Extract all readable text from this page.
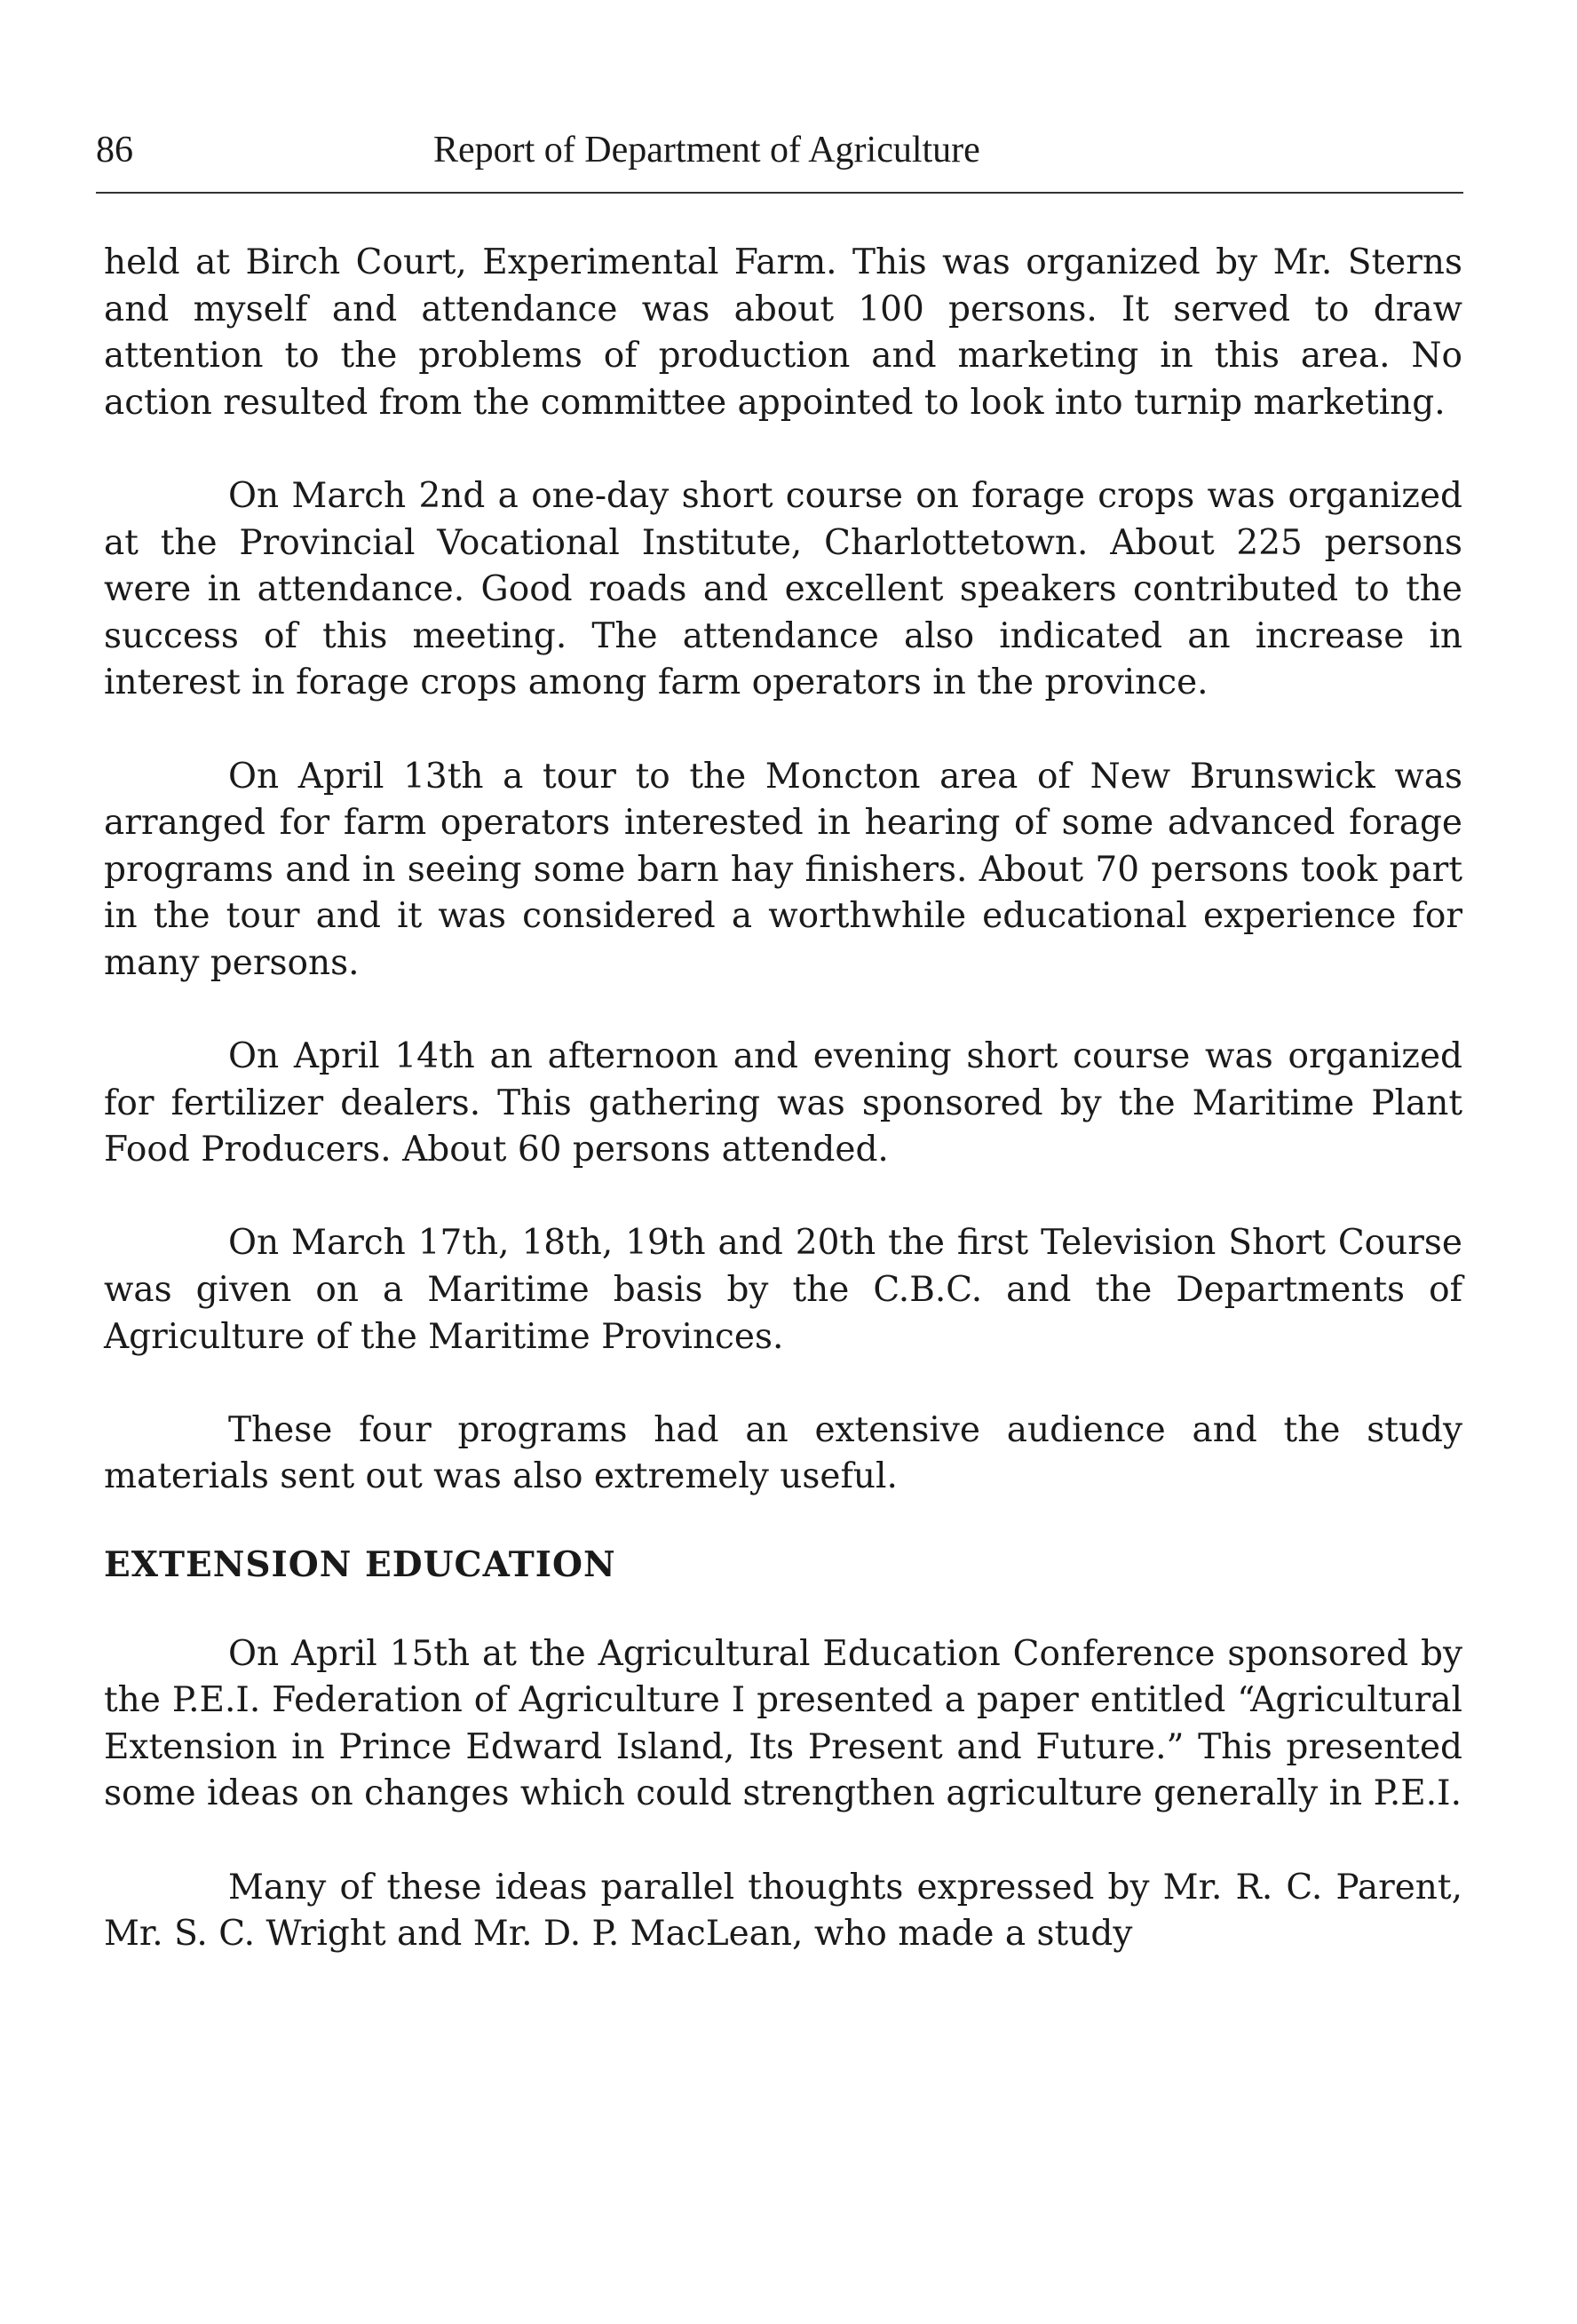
86	Report of Department of Agriculture

held at Birch Court, Experimental Farm. This was organized by Mr. Sterns and myself and attendance was about 100 persons. It served to draw attention to the problems of production and marketing in this area. No action resulted from the committee appointed to look into turnip marketing.

On March 2nd a one-day short course on forage crops was organized at the Provincial Vocational Institute, Charlottetown. About 225 persons were in attendance. Good roads and excellent speakers contributed to the success of this meeting. The attendance also indicated an increase in interest in forage crops among farm operators in the province.

On April 13th a tour to the Moncton area of New Brunswick was arranged for farm operators interested in hearing of some advanced forage programs and in seeing some barn hay finishers. About 70 persons took part in the tour and it was considered a worthwhile educational experience for many persons.

On April 14th an afternoon and evening short course was organized for fertilizer dealers. This gathering was sponsored by the Maritime Plant Food Producers. About 60 persons attended.

On March 17th, 18th, 19th and 20th the first Television Short Course was given on a Maritime basis by the C.B.C. and the Departments of Agriculture of the Maritime Provinces.

These four programs had an extensive audience and the study materials sent out was also extremely useful.

EXTENSION EDUCATION

On April 15th at the Agricultural Education Conference sponsored by the P.E.I. Federation of Agriculture I presented a paper entitled “Agricultural Extension in Prince Edward Island, Its Present and Future.” This presented some ideas on changes which could strengthen agriculture generally in P.E.I.

Many of these ideas parallel thoughts expressed by Mr. R. C. Parent, Mr. S. C. Wright and Mr. D. P. MacLean, who made a study
